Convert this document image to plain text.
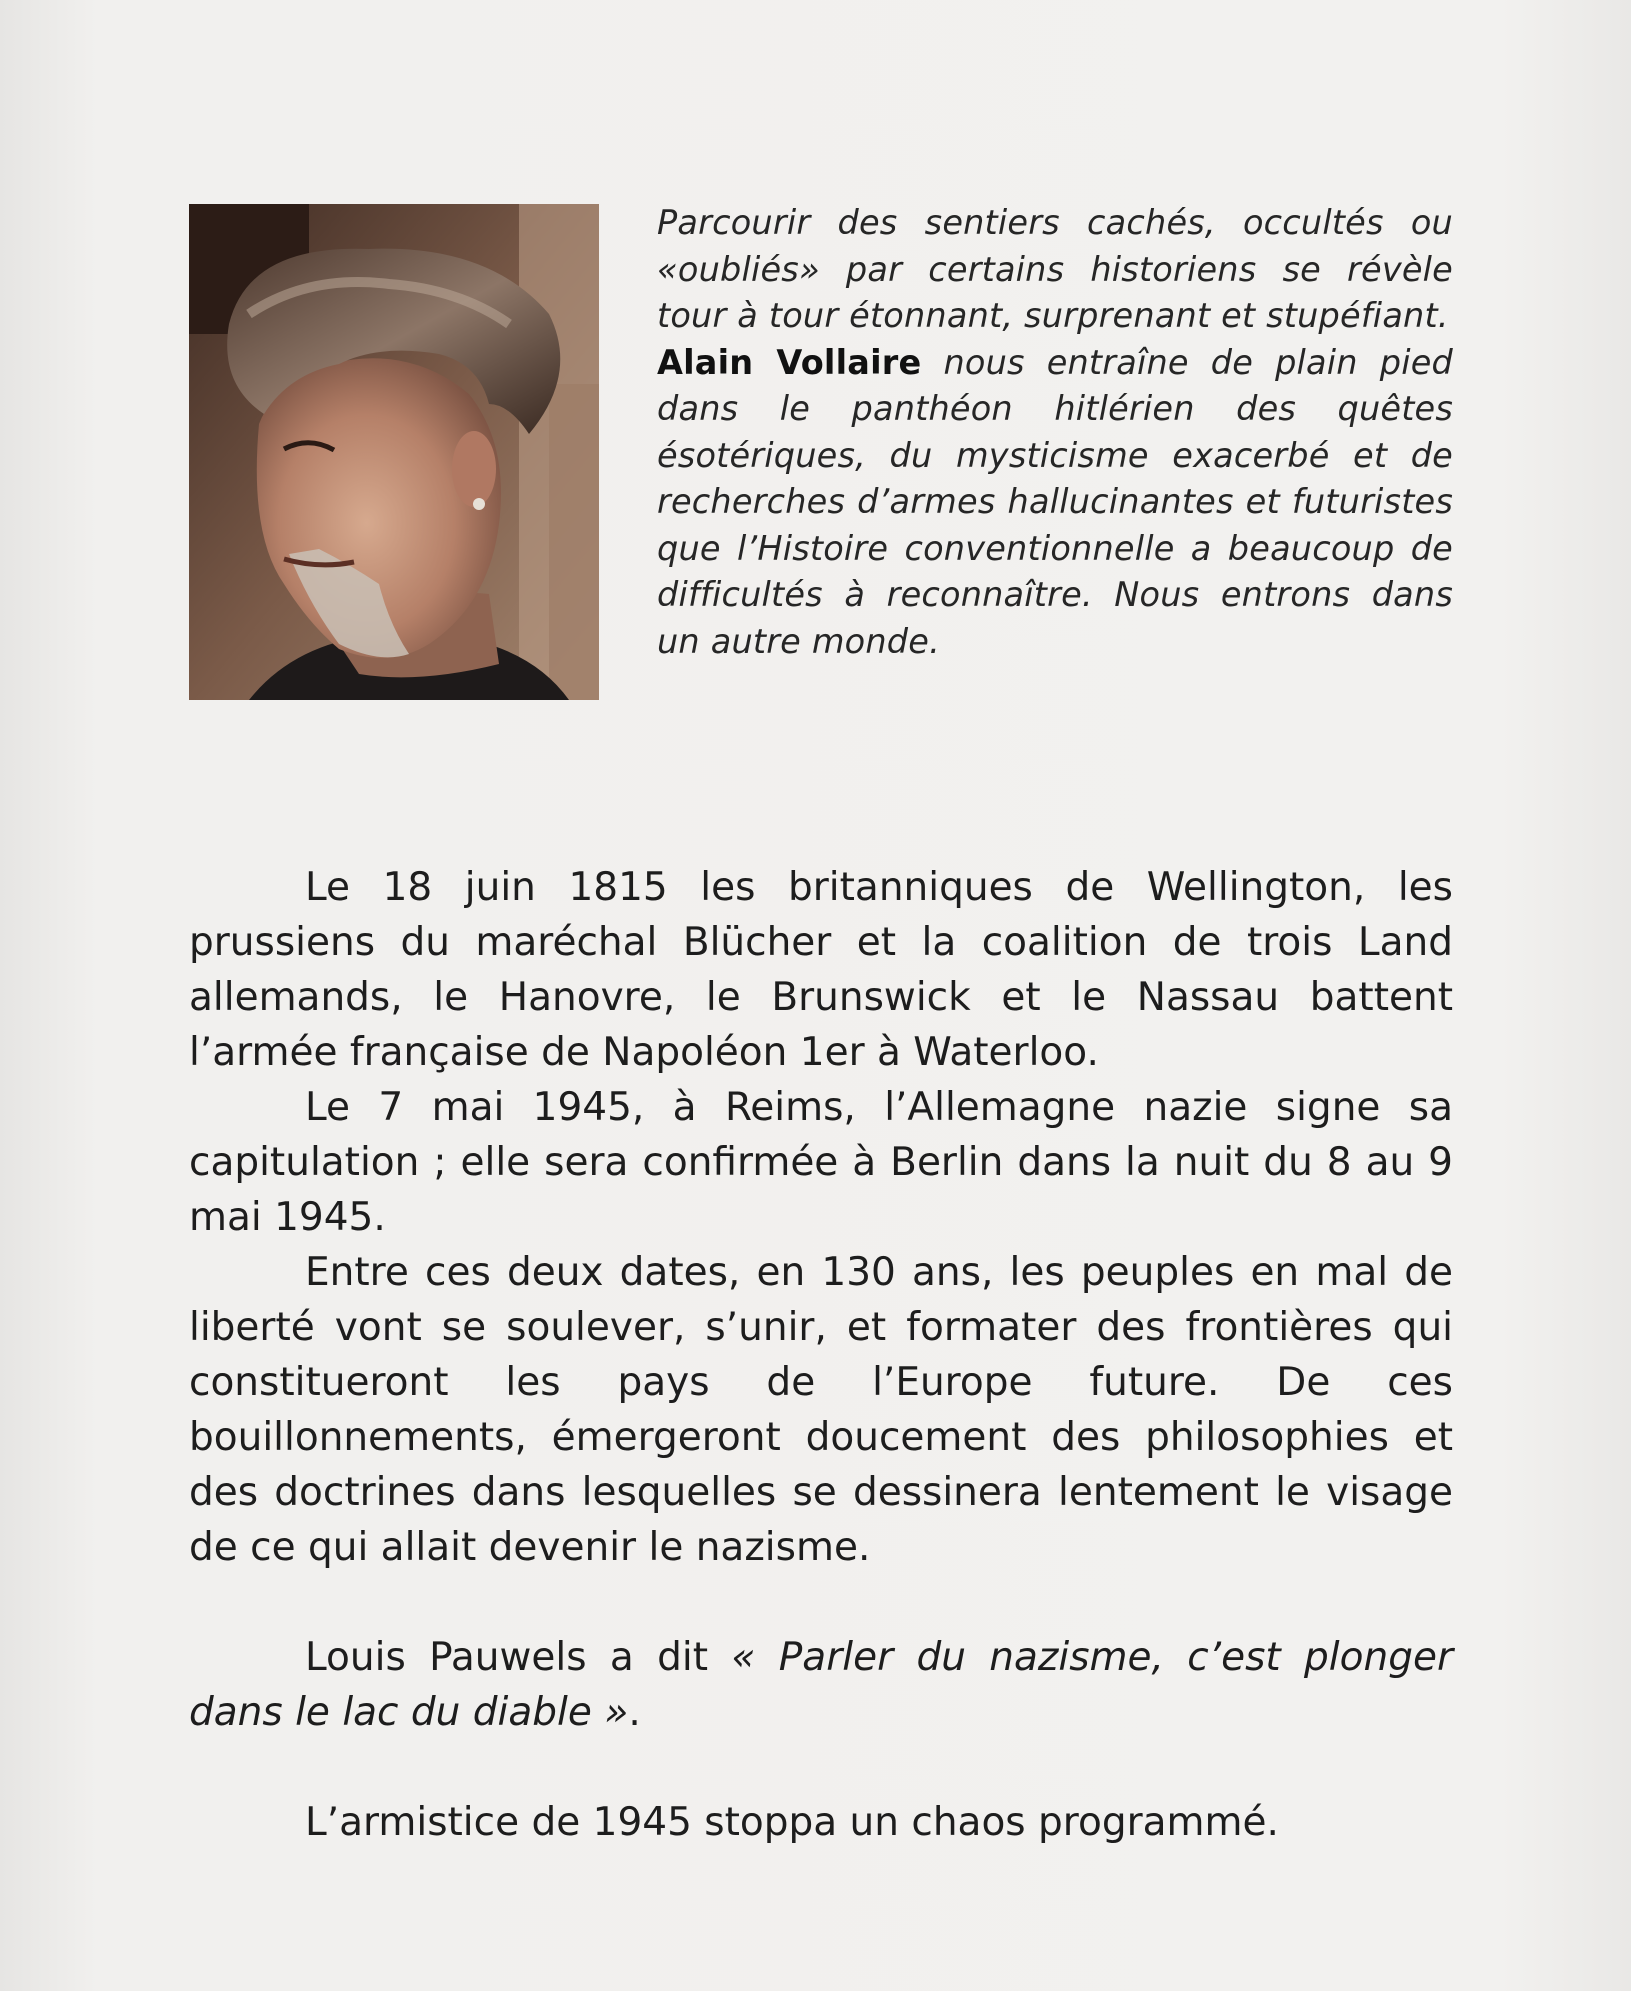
Parcourir des sentiers cachés, occultés ou «oubliés» par certains historiens se révèle tour à tour étonnant, surprenant et stupéfiant.

Alain Vollaire nous entraîne de plain pied dans le panthéon hitlérien des quêtes ésotériques, du mysticisme exacerbé et de recherches d’armes hallucinantes et futuristes que l’Histoire conventionnelle a beaucoup de difficultés à reconnaître. Nous entrons dans un autre monde.

Le 18 juin 1815 les britanniques de Wellington, les prussiens du maréchal Blücher et la coalition de trois Land allemands, le Hanovre, le Brunswick et le Nassau battent l’armée française de Napoléon 1er à Waterloo.

Le 7 mai 1945, à Reims, l’Allemagne nazie signe sa capitulation ; elle sera confirmée à Berlin dans la nuit du 8 au 9 mai 1945.

Entre ces deux dates, en 130 ans, les peuples en mal de liberté vont se soulever, s’unir, et formater des frontières qui constitueront les pays de l’Europe future. De ces bouillonnements, émergeront doucement des philosophies et des doctrines dans lesquelles se dessinera lentement le visage de ce qui allait devenir le nazisme.

Louis Pauwels a dit « Parler du nazisme, c’est plonger dans le lac du diable ».

L’armistice de 1945 stoppa un chaos programmé.
